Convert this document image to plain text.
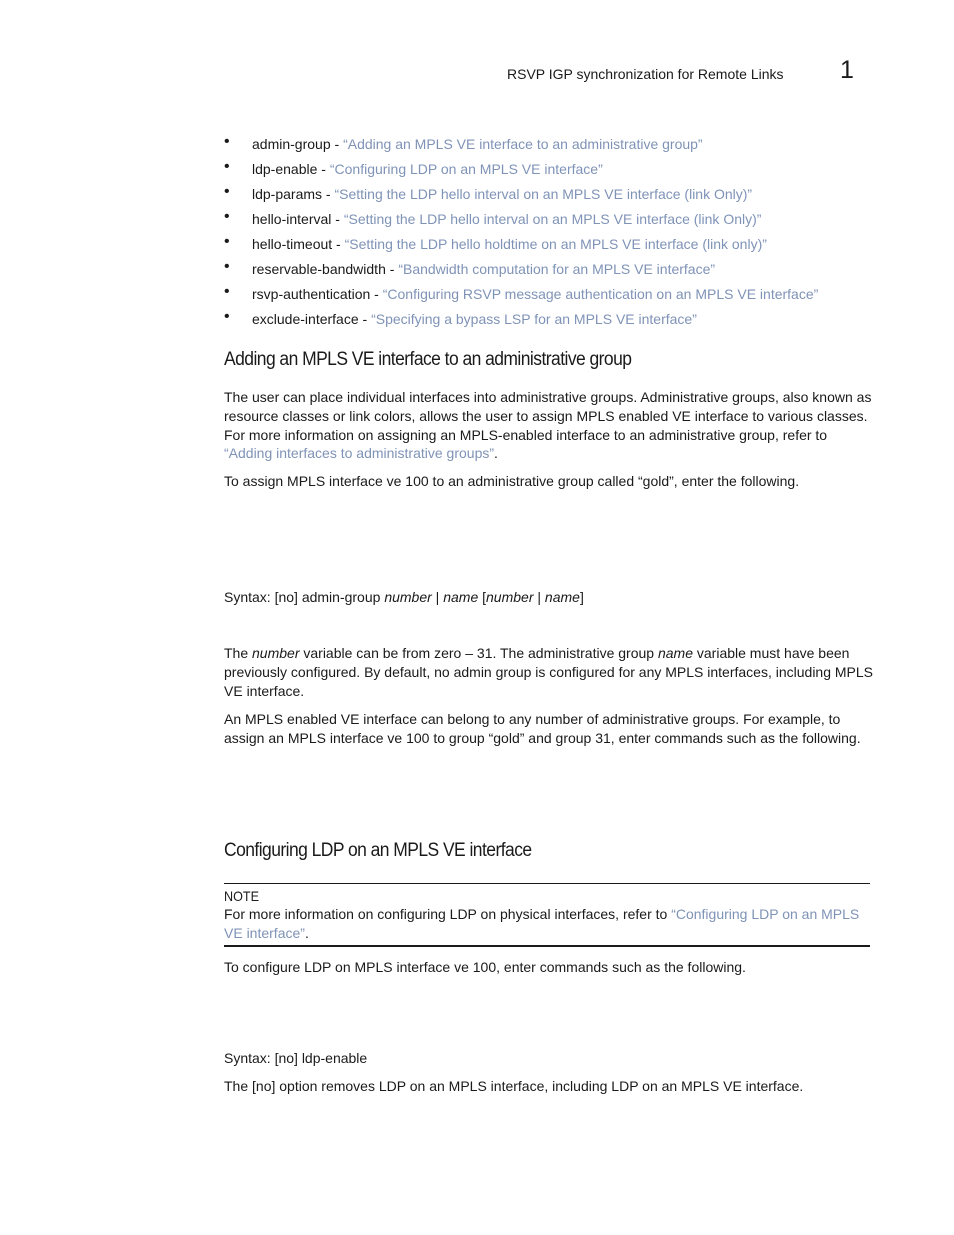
RSVP IGP synchronization for Remote Links 1
• admin-group - “Adding an MPLS VE interface to an administrative group”
• ldp-enable - “Configuring LDP on an MPLS VE interface”
• ldp-params - “Setting the LDP hello interval on an MPLS VE interface (link Only)”
• hello-interval - “Setting the LDP hello interval on an MPLS VE interface (link Only)”
• hello-timeout - “Setting the LDP hello holdtime on an MPLS VE interface (link only)”
• reservable-bandwidth - “Bandwidth computation for an MPLS VE interface”
• rsvp-authentication - “Configuring RSVP message authentication on an MPLS VE interface”
• exclude-interface - “Specifying a bypass LSP for an MPLS VE interface”
Adding an MPLS VE interface to an administrative group

The user can place individual interfaces into administrative groups. Administrative groups, also known as resource classes or link colors, allows the user to assign MPLS enabled VE interface to various classes. For more information on assigning an MPLS-enabled interface to an administrative group, refer to “Adding interfaces to administrative groups”.

To assign MPLS interface ve 100 to an administrative group called “gold”, enter the following.

Syntax: [no] admin-group number | name [number | name]

The number variable can be from zero – 31. The administrative group name variable must have been previously configured. By default, no admin group is configured for any MPLS interfaces, including MPLS VE interface.

An MPLS enabled VE interface can belong to any number of administrative groups. For example, to assign an MPLS interface ve 100 to group “gold” and group 31, enter commands such as the following.

Configuring LDP on an MPLS VE interface
NOTE

For more information on configuring LDP on physical interfaces, refer to “Configuring LDP on an MPLS VE interface”.

To configure LDP on MPLS interface ve 100, enter commands such as the following.

Syntax: [no] ldp-enable

The [no] option removes LDP on an MPLS interface, including LDP on an MPLS VE interface.
